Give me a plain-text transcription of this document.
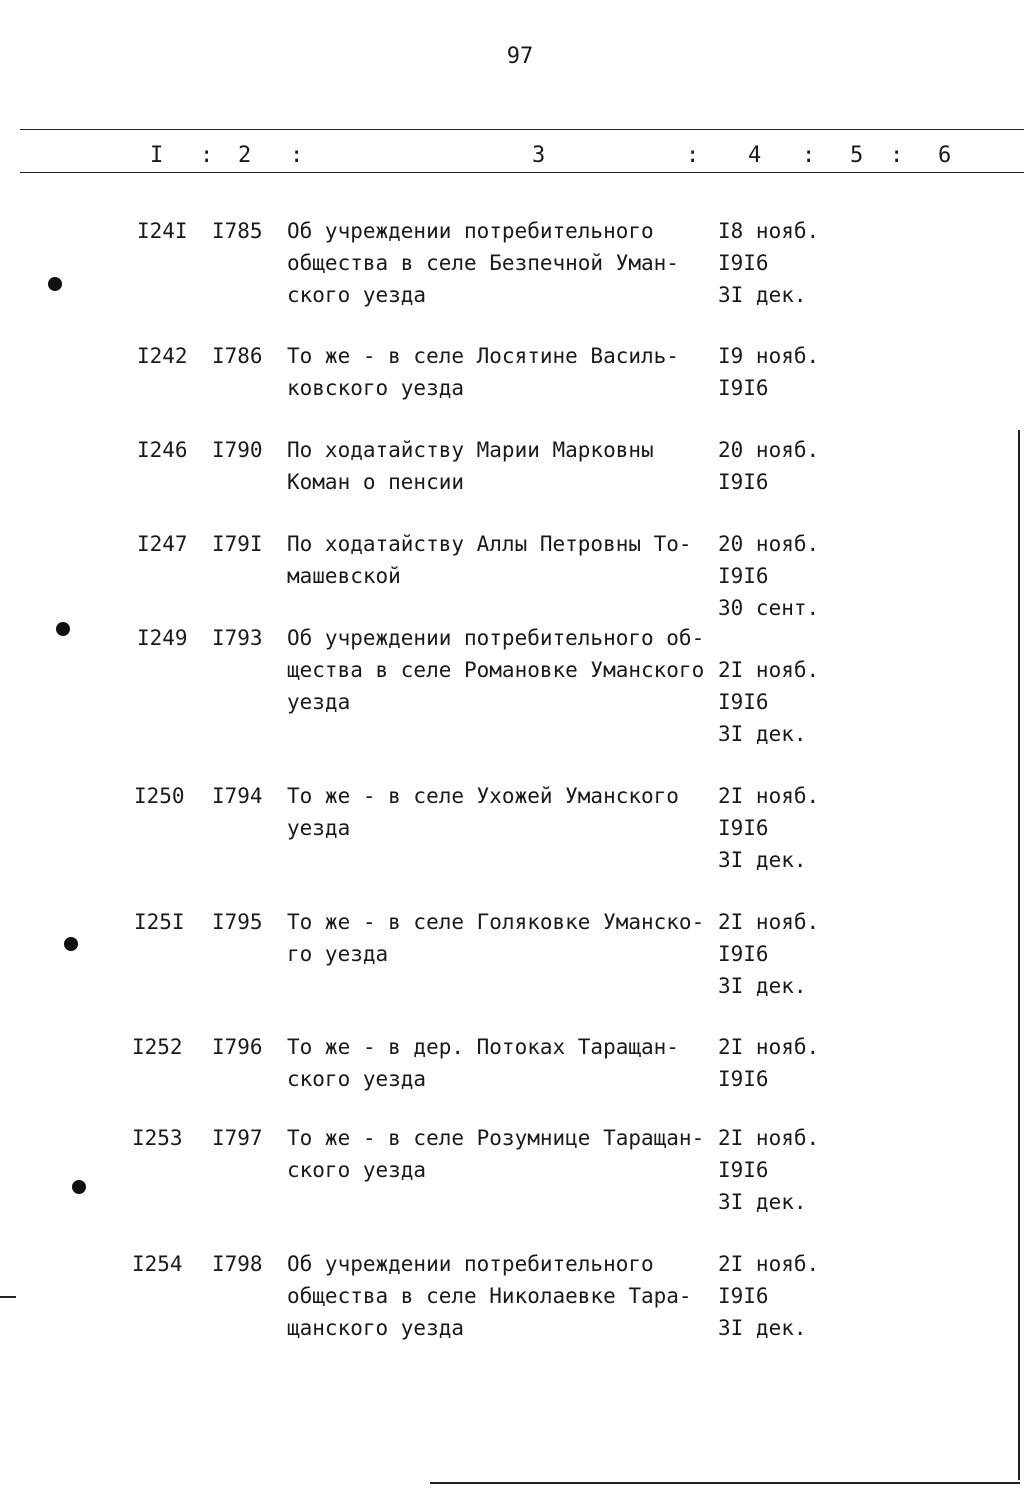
97
I : 2 :	3	: 4 : 5 : 6
I24I I785 Об учреждении потребительного
общества в селе Безпечной Уман-
ского уезда
I8 нояб.
I9I6
3I дек.
I242 I786 То же - в селе Лосятине Василь-
ковского уезда
I9 нояб.
I9I6
I246 I790 По ходатайству Марии Марковны
Коман о пенсии
20 нояб.
I9I6
I247 I79I По ходатайству Аллы Петровны То-
машевской
20 нояб.
I9I6
30 сент.
I249 I793 Об учреждении потребительного об-
щества в селе Романовке Уманского
уезда
2I нояб.
I9I6
3I дек.
I250 I794 То же - в селе Ухожей Уманского
уезда
2I нояб.
I9I6
3I дек.
I25I I795 То же - в селе Голяковке Уманско-
го уезда
2I нояб.
I9I6
3I дек.
I252 I796 То же - в дер. Потоках Таращан-
ского уезда
2I нояб.
I9I6
I253 I797 То же - в селе Розумнице Таращан-
ского уезда
2I нояб.
I9I6
3I дек.
I254 I798 Об учреждении потребительного
общества в селе Николаевке Тара-
щанского уезда
2I нояб.
I9I6
3I дек.
